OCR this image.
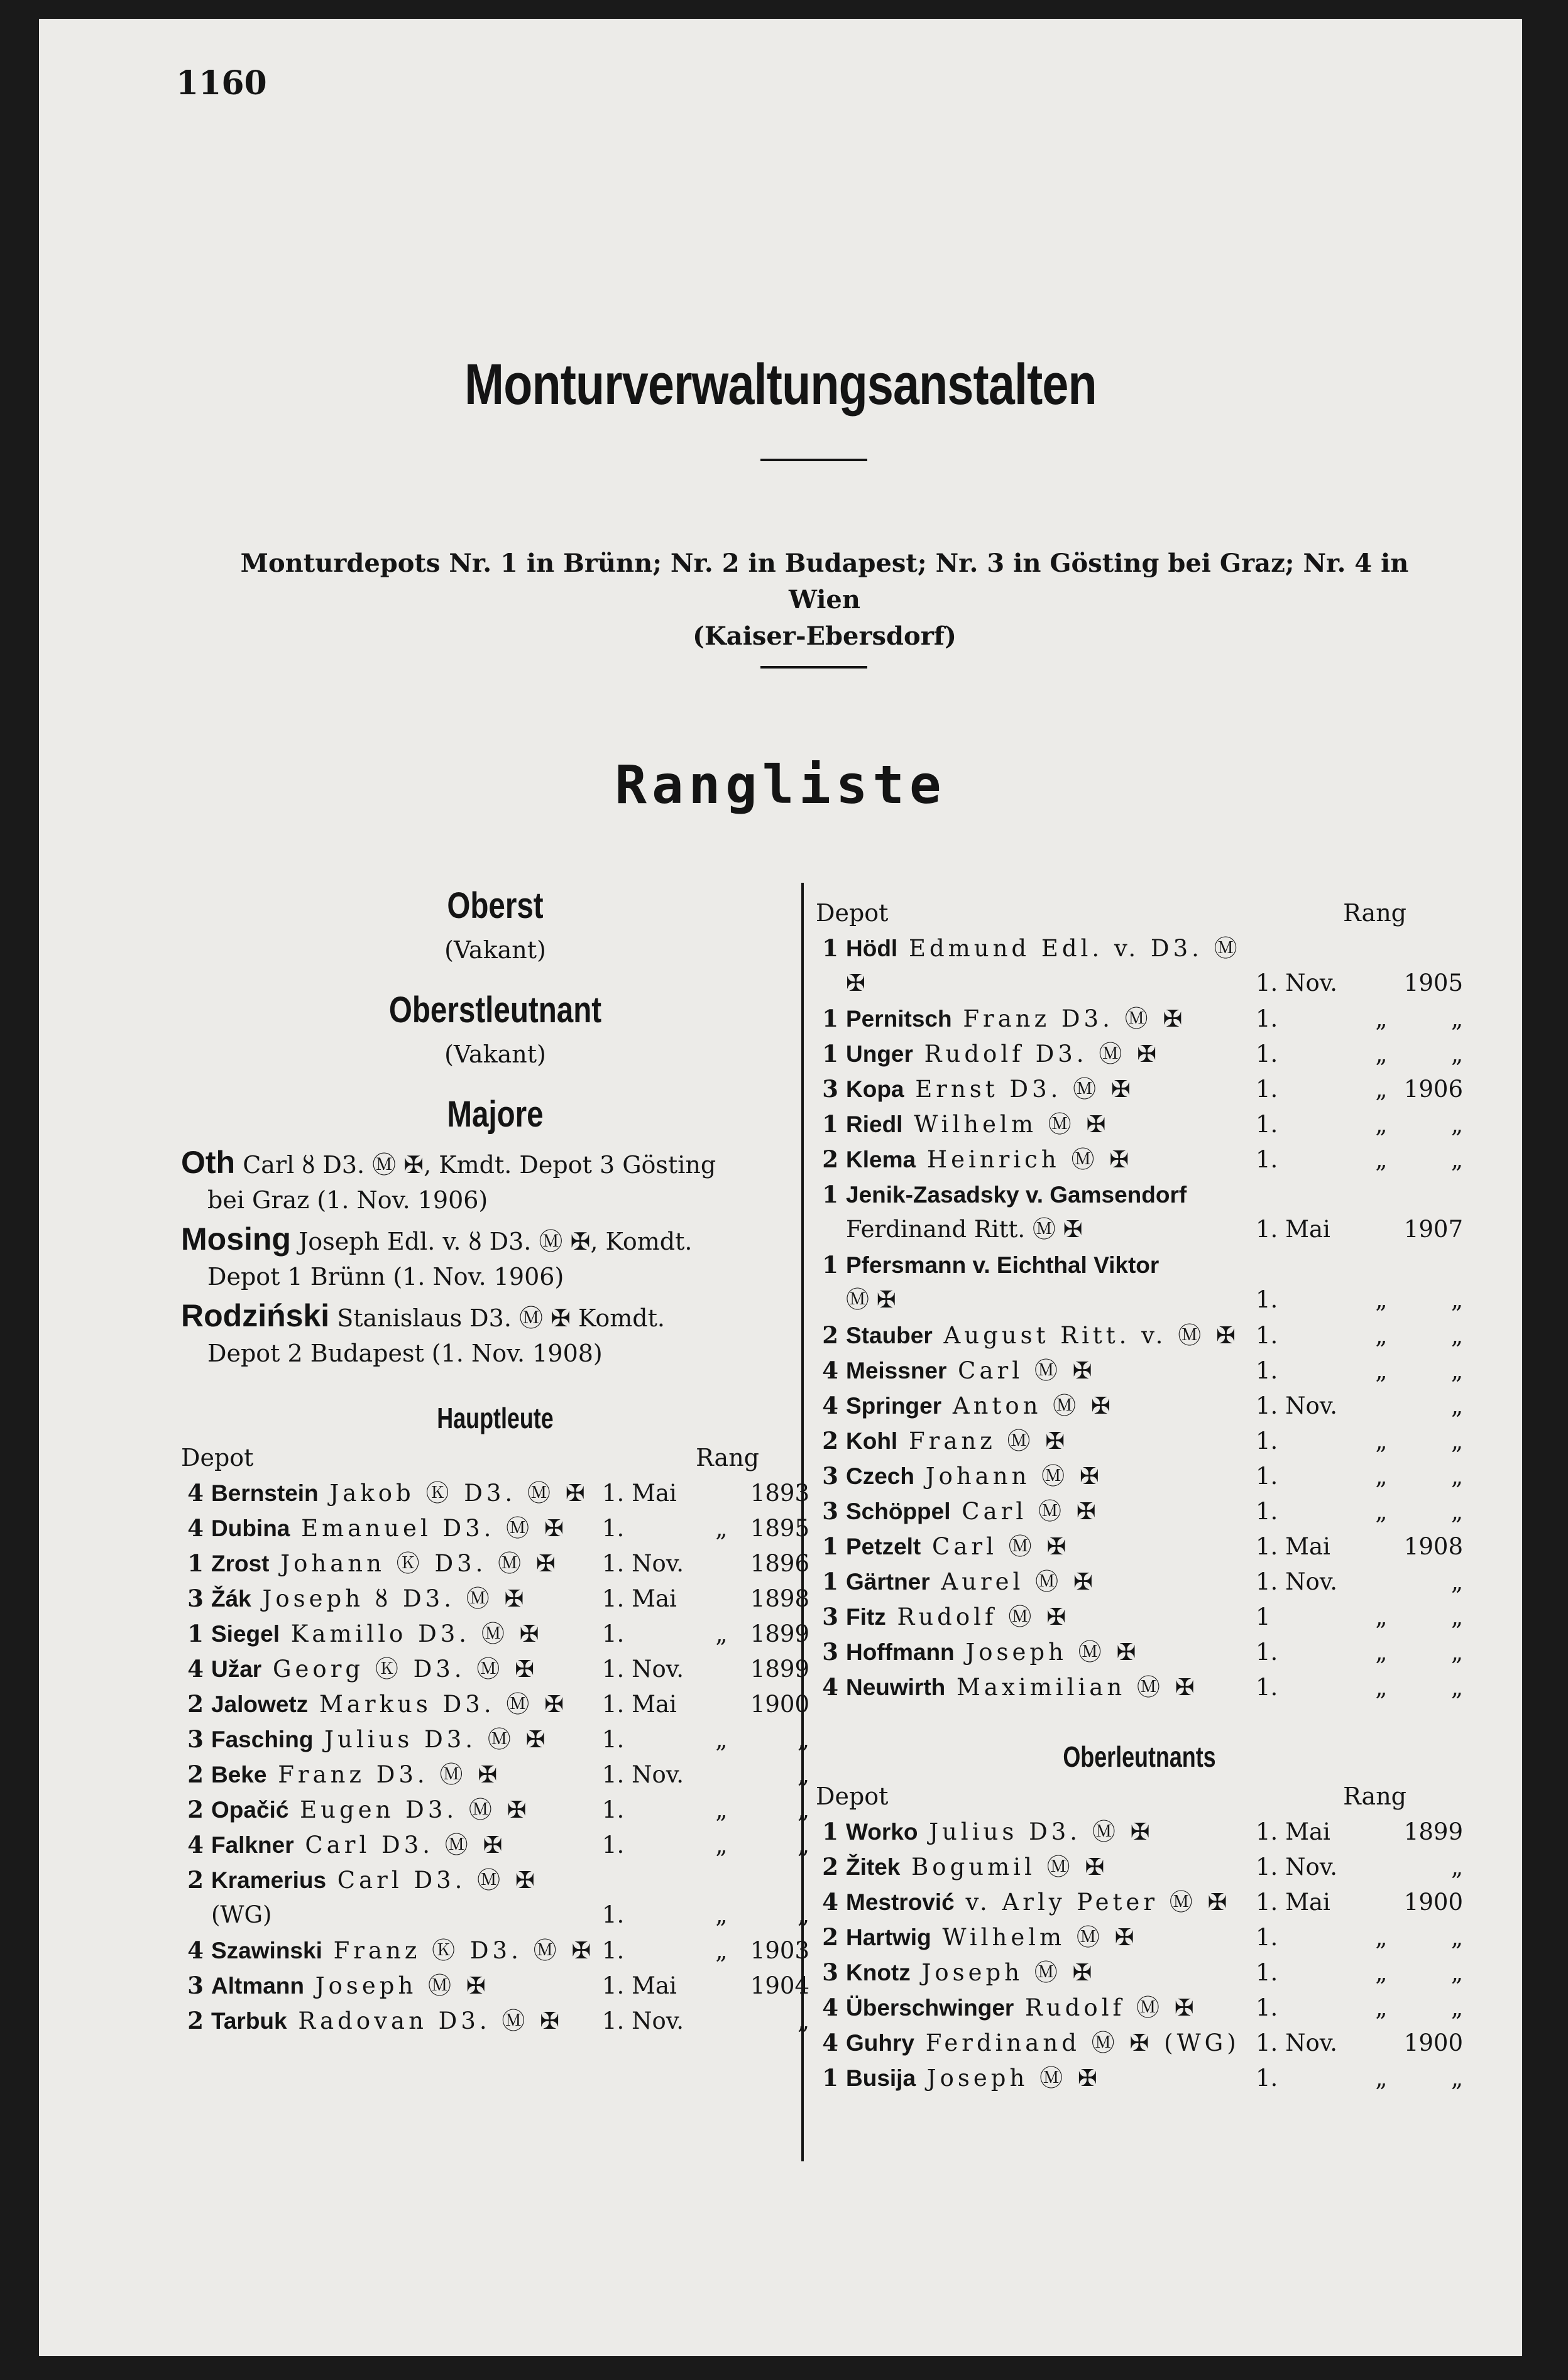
1160
Monturverwaltungsanstalten
Monturdepots Nr. 1 in Brünn; Nr. 2 in Budapest; Nr. 3 in Gösting bei Graz; Nr. 4 in Wien
(Kaiser-Ebersdorf)
Rangliste
Oberst
(Vakant)
Oberstleutnant
(Vakant)
Majore
Oth Carl ȣ D3. Ⓜ ✠, Kmdt. Depot 3 Gösting
bei Graz (1. Nov. 1906)
Mosing Joseph Edl. v. ȣ D3. Ⓜ ✠, Komdt.
Depot 1 Brünn (1. Nov. 1906)
Rodziński Stanislaus D3. Ⓜ ✠ Komdt.
Depot 2 Budapest (1. Nov. 1908)
Hauptleute
Depot	Rang
4 Bernstein Jakob Ⓚ D3. Ⓜ ✠ 1. Mai	1893
4 Dubina Emanuel D3. Ⓜ ✠	1.	„ 1895
1 Zrost Johann Ⓚ D3. Ⓜ ✠	1. Nov.	1896
3 Žák Joseph ȣ D3. Ⓜ ✠	1. Mai	1898
1 Siegel Kamillo D3. Ⓜ ✠	1.	„ 1899
4 Užar Georg Ⓚ D3. Ⓜ ✠	1. Nov.	1899
2 Jalowetz Markus D3. Ⓜ ✠	1. Mai	1900
3 Fasching Julius D3. Ⓜ ✠	1.	„	„
2 Beke Franz D3. Ⓜ ✠	1. Nov.	„
2 Opačić Eugen D3. Ⓜ ✠	1.	„	„
4 Falkner Carl D3. Ⓜ ✠	1.	„	„
2 Kramerius Carl D3. Ⓜ ✠
(WG)	1.	„	„
4 Szawinski Franz Ⓚ D3. Ⓜ ✠ 1.	„ 1903
3 Altmann Joseph Ⓜ ✠	1. Mai	1904
2 Tarbuk Radovan D3. Ⓜ ✠	1. Nov.	„
Depot	Rang
1 Hödl Edmund Edl. v. D3. Ⓜ
✠	1. Nov.	1905
1 Pernitsch Franz D3. Ⓜ ✠	1.	„	„
1 Unger Rudolf D3. Ⓜ ✠	1.	„	„
3 Kopa Ernst D3. Ⓜ ✠	1.	„ 1906
1 Riedl Wilhelm Ⓜ ✠	1.	„	„
2 Klema Heinrich Ⓜ ✠	1.	„	„
1 Jenik-Zasadsky v. Gamsendorf
Ferdinand Ritt. Ⓜ ✠	1. Mai	1907
1 Pfersmann v. Eichthal Viktor
Ⓜ ✠	1.	„	„
2 Stauber August Ritt. v. Ⓜ ✠ 1.	„	„
4 Meissner Carl Ⓜ ✠	1.	„	„
4 Springer Anton Ⓜ ✠	1. Nov.	„
2 Kohl Franz Ⓜ ✠	1.	„	„
3 Czech Johann Ⓜ ✠	1.	„	„
3 Schöppel Carl Ⓜ ✠	1.	„	„
1 Petzelt Carl Ⓜ ✠	1. Mai	1908
1 Gärtner Aurel Ⓜ ✠	1. Nov.	„
3 Fitz Rudolf Ⓜ ✠	1	„	„
3 Hoffmann Joseph Ⓜ ✠	1.	„	„
4 Neuwirth Maximilian Ⓜ ✠	1.	„	„
Oberleutnants
Depot	Rang
1 Worko Julius D3. Ⓜ ✠	1. Mai	1899
2 Žitek Bogumil Ⓜ ✠	1. Nov.	„
4 Mestrović v. Arly Peter Ⓜ ✠	1. Mai	1900
2 Hartwig Wilhelm Ⓜ ✠	1.	„	„
3 Knotz Joseph Ⓜ ✠	1.	„	„
4 Überschwinger Rudolf Ⓜ ✠	1.	„	„
4 Guhry Ferdinand Ⓜ ✠ (WG) 1. Nov.	1900
1 Busija Joseph Ⓜ ✠	1.	„	„
